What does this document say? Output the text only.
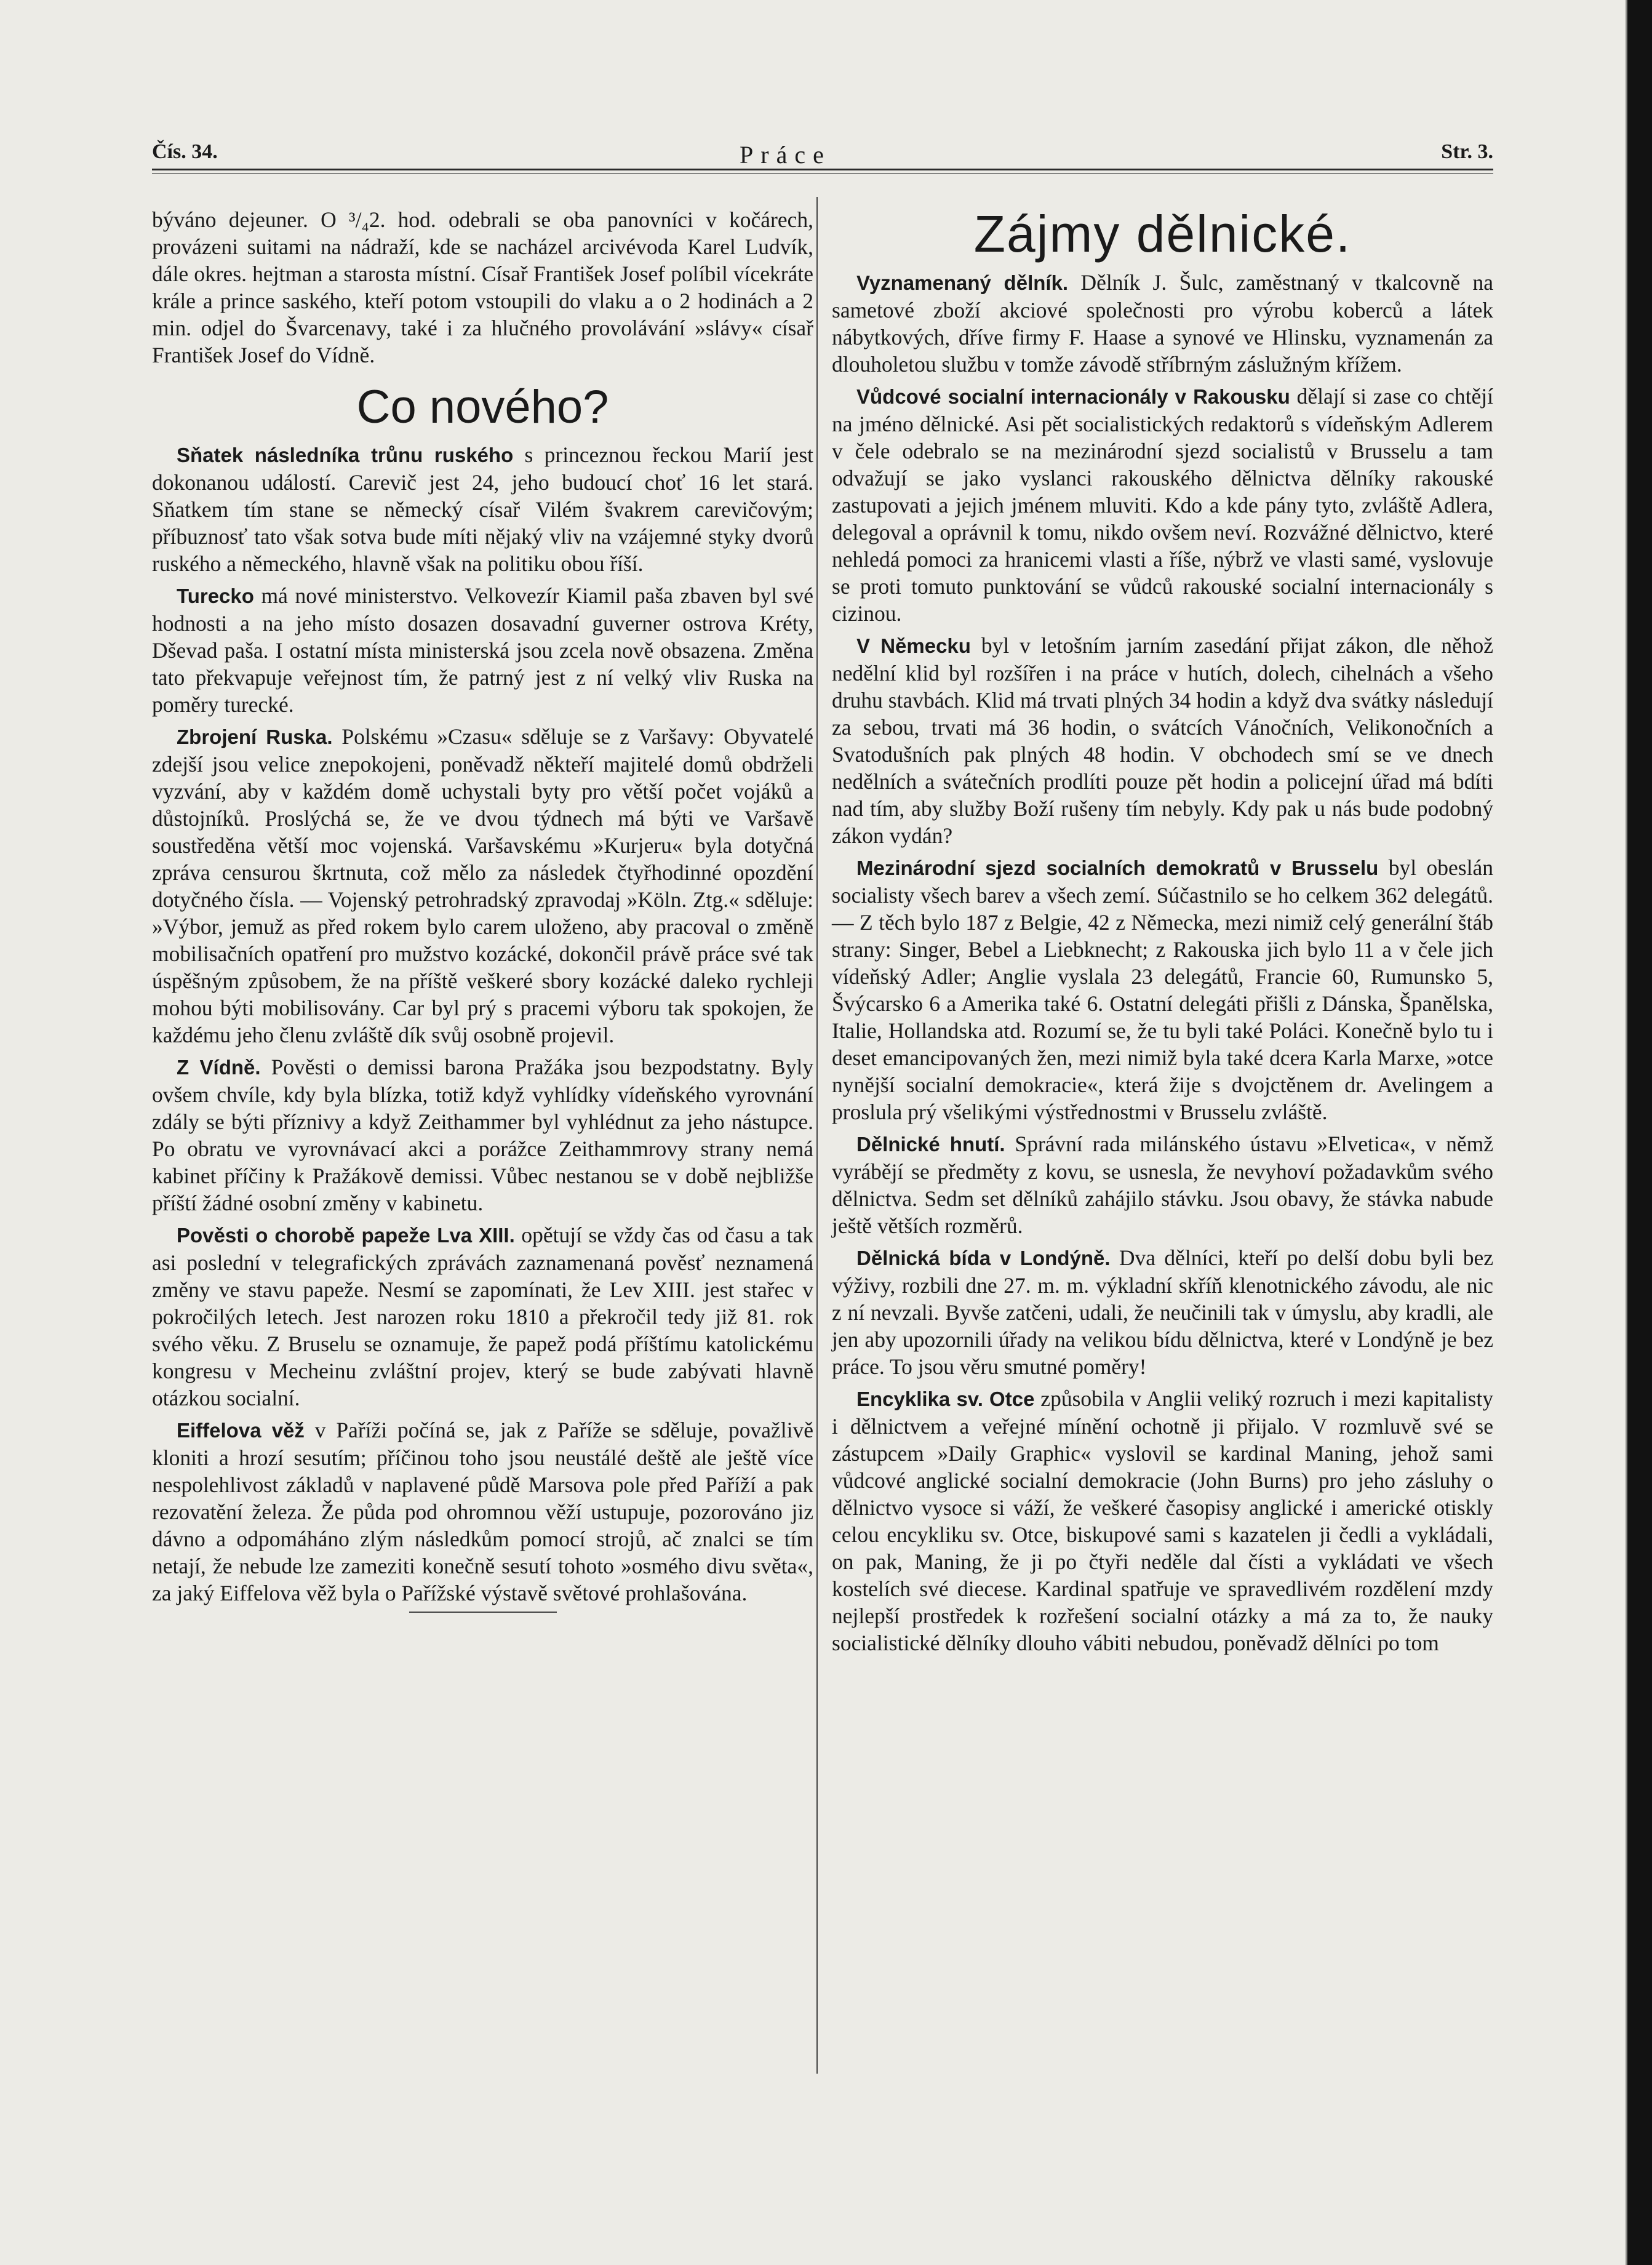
Čís. 34.	Práce	Str. 3.

býváno dejeuner. O ³/₄2. hod. odebrali se oba panovníci v kočárech, provázeni suitami na nádraží, kde se nacházel arcivévoda Karel Ludvík, dále okres. hejtman a starosta místní. Císař František Josef políbil vícekráte krále a prince saského, kteří potom vstoupili do vlaku a o 2 hodinách a 2 min. odjel do Švarcenavy, také i za hlučného provolávání »slávy« císař František Josef do Vídně.

Co nového?

Sňatek následníka trůnu ruského s princeznou řeckou Marií jest dokonanou událostí. Carevič jest 24, jeho budoucí choť 16 let stará. Sňatkem tím stane se německý císař Vilém švakrem carevičovým; příbuznosť tato však sotva bude míti nějaký vliv na vzájemné styky dvorů ruského a německého, hlavně však na politiku obou říší.

Turecko má nové ministerstvo. Velkovezír Kiamil paša zbaven byl své hodnosti a na jeho místo dosazen dosavadní guverner ostrova Kréty, Dševad paša. I ostatní místa ministerská jsou zcela nově obsazena. Změna tato překvapuje veřejnost tím, že patrný jest z ní velký vliv Ruska na poměry turecké.

Zbrojení Ruska. Polskému »Czasu« sděluje se z Varšavy: Obyvatelé zdejší jsou velice znepokojeni, poněvadž někteří majitelé domů obdrželi vyzvání, aby v každém domě uchystali byty pro větší počet vojáků a důstojníků. Proslýchá se, že ve dvou týdnech má býti ve Varšavě soustředěna větší moc vojenská. Varšavskému »Kurjeru« byla dotyčná zpráva censurou škrtnuta, což mělo za následek čtyřhodinné opozdění dotyčného čísla. — Vojenský petrohradský zpravodaj »Köln. Ztg.« sděluje: »Výbor, jemuž as před rokem bylo carem uloženo, aby pracoval o změně mobilisačních opatření pro mužstvo kozácké, dokončil právě práce své tak úspěšným způsobem, že na příště veškeré sbory kozácké daleko rychleji mohou býti mobilisovány. Car byl prý s pracemi výboru tak spokojen, že každému jeho členu zvláště dík svůj osobně projevil.

Z Vídně. Pověsti o demissi barona Pražáka jsou bezpodstatny. Byly ovšem chvíle, kdy byla blízka, totiž když vyhlídky vídeňského vyrovnání zdály se býti příznivy a když Zeithammer byl vyhlédnut za jeho nástupce. Po obratu ve vyrovnávací akci a porážce Zeithammrovy strany nemá kabinet příčiny k Pražákově demissi. Vůbec nestanou se v době nejbližše příští žádné osobní změny v kabinetu.

Pověsti o chorobě papeže Lva XIII. opětují se vždy čas od času a tak asi poslední v telegrafických zprávách zaznamenaná pověsť neznamená změny ve stavu papeže. Nesmí se zapomínati, že Lev XIII. jest stařec v pokročilých letech. Jest narozen roku 1810 a překročil tedy již 81. rok svého věku. Z Bruselu se oznamuje, že papež podá příštímu katolickému kongresu v Mecheinu zvláštní projev, který se bude zabývati hlavně otázkou socialní.

Eiffelova věž v Paříži počíná se, jak z Paříže se sděluje, považlivě kloniti a hrozí sesutím; příčinou toho jsou neustálé deště ale ještě více nespolehlivost základů v naplavené půdě Marsova pole před Paříží a pak rezovatění železa. Že půda pod ohromnou věží ustupuje, pozorováno jiz dávno a odpomáháno zlým následkům pomocí strojů, ač znalci se tím netají, že nebude lze zameziti konečně sesutí tohoto »osmého divu světa«, za jaký Eiffelova věž byla o Pařížské výstavě světové prohlašována.

Zájmy dělnické.

Vyznamenaný dělník. Dělník J. Šulc, zaměstnaný v tkalcovně na sametové zboží akciové společnosti pro výrobu koberců a látek nábytkových, dříve firmy F. Haase a synové ve Hlinsku, vyznamenán za dlouholetou službu v tomže závodě stříbrným záslužným křížem.

Vůdcové socialní internacionály v Rakousku dělají si zase co chtějí na jméno dělnické. Asi pět socialistických redaktorů s vídeňským Adlerem v čele odebralo se na mezinárodní sjezd socialistů v Brusselu a tam odvažují se jako vyslanci rakouského dělnictva dělníky rakouské zastupovati a jejich jménem mluviti. Kdo a kde pány tyto, zvláště Adlera, delegoval a oprávnil k tomu, nikdo ovšem neví. Rozvážné dělnictvo, které nehledá pomoci za hranicemi vlasti a říše, nýbrž ve vlasti samé, vyslovuje se proti tomuto punktování se vůdců rakouské socialní internacionály s cizinou.

V Německu byl v letošním jarním zasedání přijat zákon, dle něhož nedělní klid byl rozšířen i na práce v hutích, dolech, cihelnách a všeho druhu stavbách. Klid má trvati plných 34 hodin a když dva svátky následují za sebou, trvati má 36 hodin, o svátcích Vánočních, Velikonočních a Svatodušních pak plných 48 hodin. V obchodech smí se ve dnech nedělních a svátečních prodlíti pouze pět hodin a policejní úřad má bdíti nad tím, aby služby Boží rušeny tím nebyly. Kdy pak u nás bude podobný zákon vydán?

Mezinárodní sjezd socialních demokratů v Brusselu byl obeslán socialisty všech barev a všech zemí. Súčastnilo se ho celkem 362 delegátů. — Z těch bylo 187 z Belgie, 42 z Německa, mezi nimiž celý generální štáb strany: Singer, Bebel a Liebknecht; z Rakouska jich bylo 11 a v čele jich vídeňský Adler; Anglie vyslala 23 delegátů, Francie 60, Rumunsko 5, Švýcarsko 6 a Amerika také 6. Ostatní delegáti přišli z Dánska, Španělska, Italie, Hollandska atd. Rozumí se, že tu byli také Poláci. Konečně bylo tu i deset emancipovaných žen, mezi nimiž byla také dcera Karla Marxe, »otce nynější socialní demokracie«, která žije s dvojctěnem dr. Avelingem a proslula prý všelikými výstřednostmi v Brusselu zvláště.

Dělnické hnutí. Správní rada milánského ústavu »Elvetica«, v němž vyrábějí se předměty z kovu, se usnesla, že nevyhoví požadavkům svého dělnictva. Sedm set dělníků zahájilo stávku. Jsou obavy, že stávka nabude ještě větších rozměrů.

Dělnická bída v Londýně. Dva dělníci, kteří po delší dobu byli bez výživy, rozbili dne 27. m. m. výkladní skříň klenotnického závodu, ale nic z ní nevzali. Byvše zatčeni, udali, že neučinili tak v úmyslu, aby kradli, ale jen aby upozornili úřady na velikou bídu dělnictva, které v Londýně je bez práce. To jsou věru smutné poměry!

Encyklika sv. Otce způsobila v Anglii veliký rozruch i mezi kapitalisty i dělnictvem a veřejné mínění ochotně ji přijalo. V rozmluvě své se zástupcem »Daily Graphic« vyslovil se kardinal Maning, jehož sami vůdcové anglické socialní demokracie (John Burns) pro jeho zásluhy o dělnictvo vysoce si váží, že veškeré časopisy anglické i americké otiskly celou encykliku sv. Otce, biskupové sami s kazatelen ji čedli a vykládali, on pak, Maning, že ji po čtyři neděle dal čísti a vykládati ve všech kostelích své diecese. Kardinal spatřuje ve spravedlivém rozdělení mzdy nejlepší prostředek k rozřešení socialní otázky a má za to, že nauky socialistické dělníky dlouho vábiti nebudou, poněvadž dělníci po tom
